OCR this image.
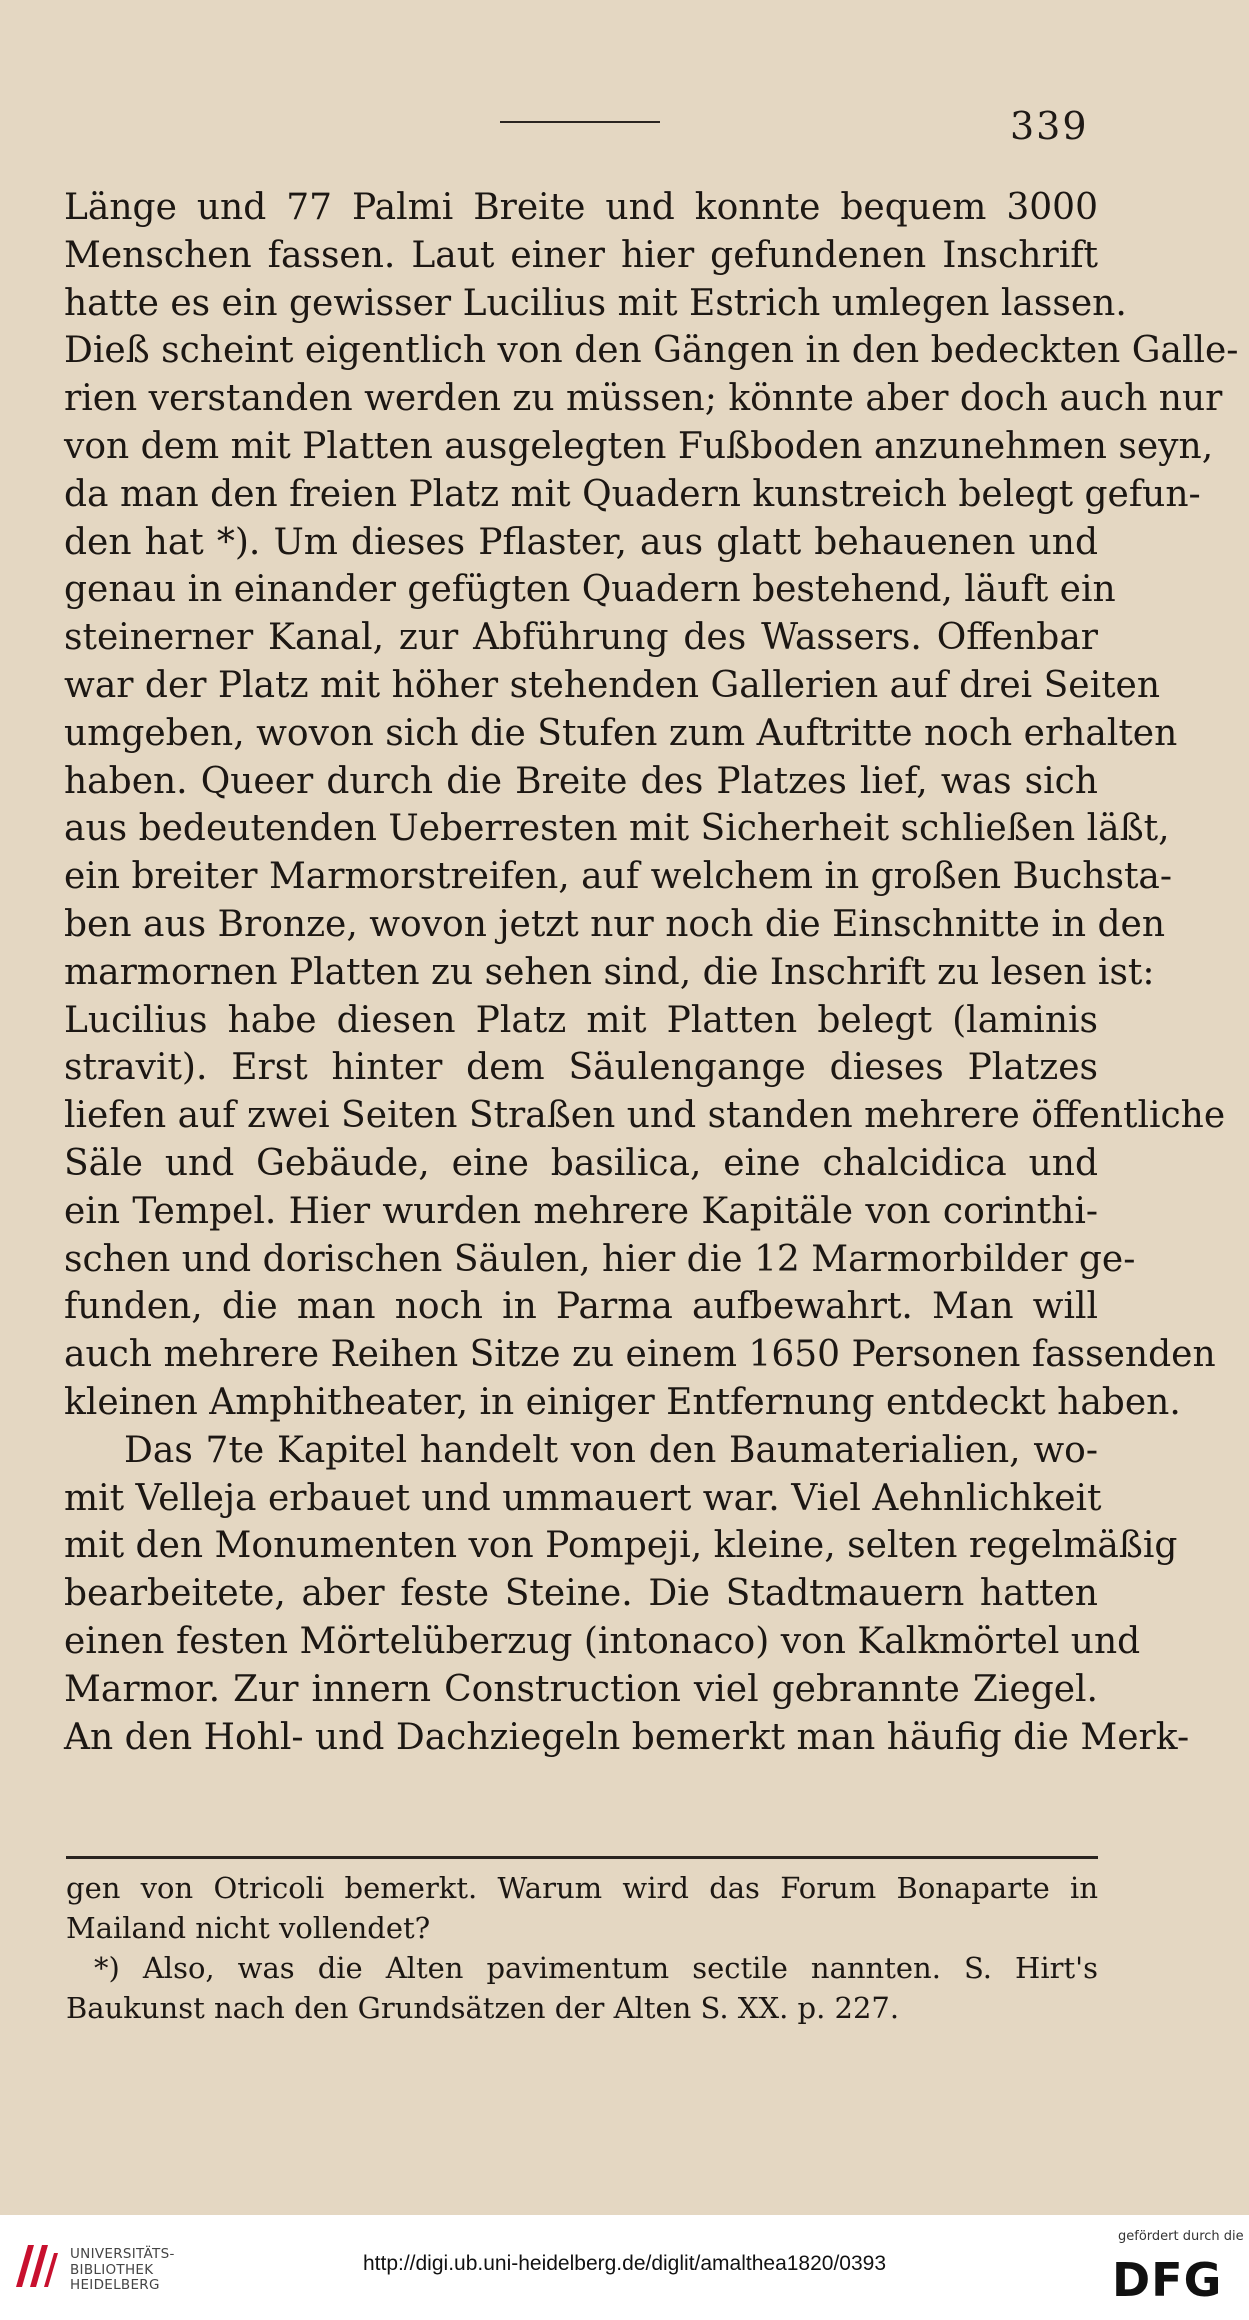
339
Länge und 77 Palmi Breite und konnte bequem 3000
Menschen fassen. Laut einer hier gefundenen Inschrift
hatte es ein gewisser Lucilius mit Estrich umlegen lassen.
Dieß scheint eigentlich von den Gängen in den bedeckten Galle-
rien verstanden werden zu müssen; könnte aber doch auch nur
von dem mit Platten ausgelegten Fußboden anzunehmen seyn,
da man den freien Platz mit Quadern kunstreich belegt gefun-
den hat *). Um dieses Pflaster, aus glatt behauenen und
genau in einander gefügten Quadern bestehend, läuft ein
steinerner Kanal, zur Abführung des Wassers. Offenbar
war der Platz mit höher stehenden Gallerien auf drei Seiten
umgeben, wovon sich die Stufen zum Auftritte noch erhalten
haben. Queer durch die Breite des Platzes lief, was sich
aus bedeutenden Ueberresten mit Sicherheit schließen läßt,
ein breiter Marmorstreifen, auf welchem in großen Buchsta-
ben aus Bronze, wovon jetzt nur noch die Einschnitte in den
marmornen Platten zu sehen sind, die Inschrift zu lesen ist:
Lucilius habe diesen Platz mit Platten belegt (laminis
stravit). Erst hinter dem Säulengange dieses Platzes
liefen auf zwei Seiten Straßen und standen mehrere öffentliche
Säle und Gebäude, eine basilica, eine chalcidica und
ein Tempel. Hier wurden mehrere Kapitäle von corinthi-
schen und dorischen Säulen, hier die 12 Marmorbilder ge-
funden, die man noch in Parma aufbewahrt. Man will
auch mehrere Reihen Sitze zu einem 1650 Personen fassenden
kleinen Amphitheater, in einiger Entfernung entdeckt haben.
Das 7te Kapitel handelt von den Baumaterialien, wo-
mit Velleja erbauet und ummauert war. Viel Aehnlichkeit
mit den Monumenten von Pompeji, kleine, selten regelmäßig
bearbeitete, aber feste Steine. Die Stadtmauern hatten
einen festen Mörtelüberzug (intonaco) von Kalkmörtel und
Marmor. Zur innern Construction viel gebrannte Ziegel.
An den Hohl- und Dachziegeln bemerkt man häufig die Merk-
gen von Otricoli bemerkt. Warum wird das Forum Bonaparte in
Mailand nicht vollendet?
*) Also, was die Alten pavimentum sectile nannten. S. Hirt's
Baukunst nach den Grundsätzen der Alten S. XX. p. 227.
UNIVERSITÄTS-
BIBLIOTHEK
HEIDELBERG
http://digi.ub.uni-heidelberg.de/diglit/amalthea1820/0393
gefördert durch die
DFG
